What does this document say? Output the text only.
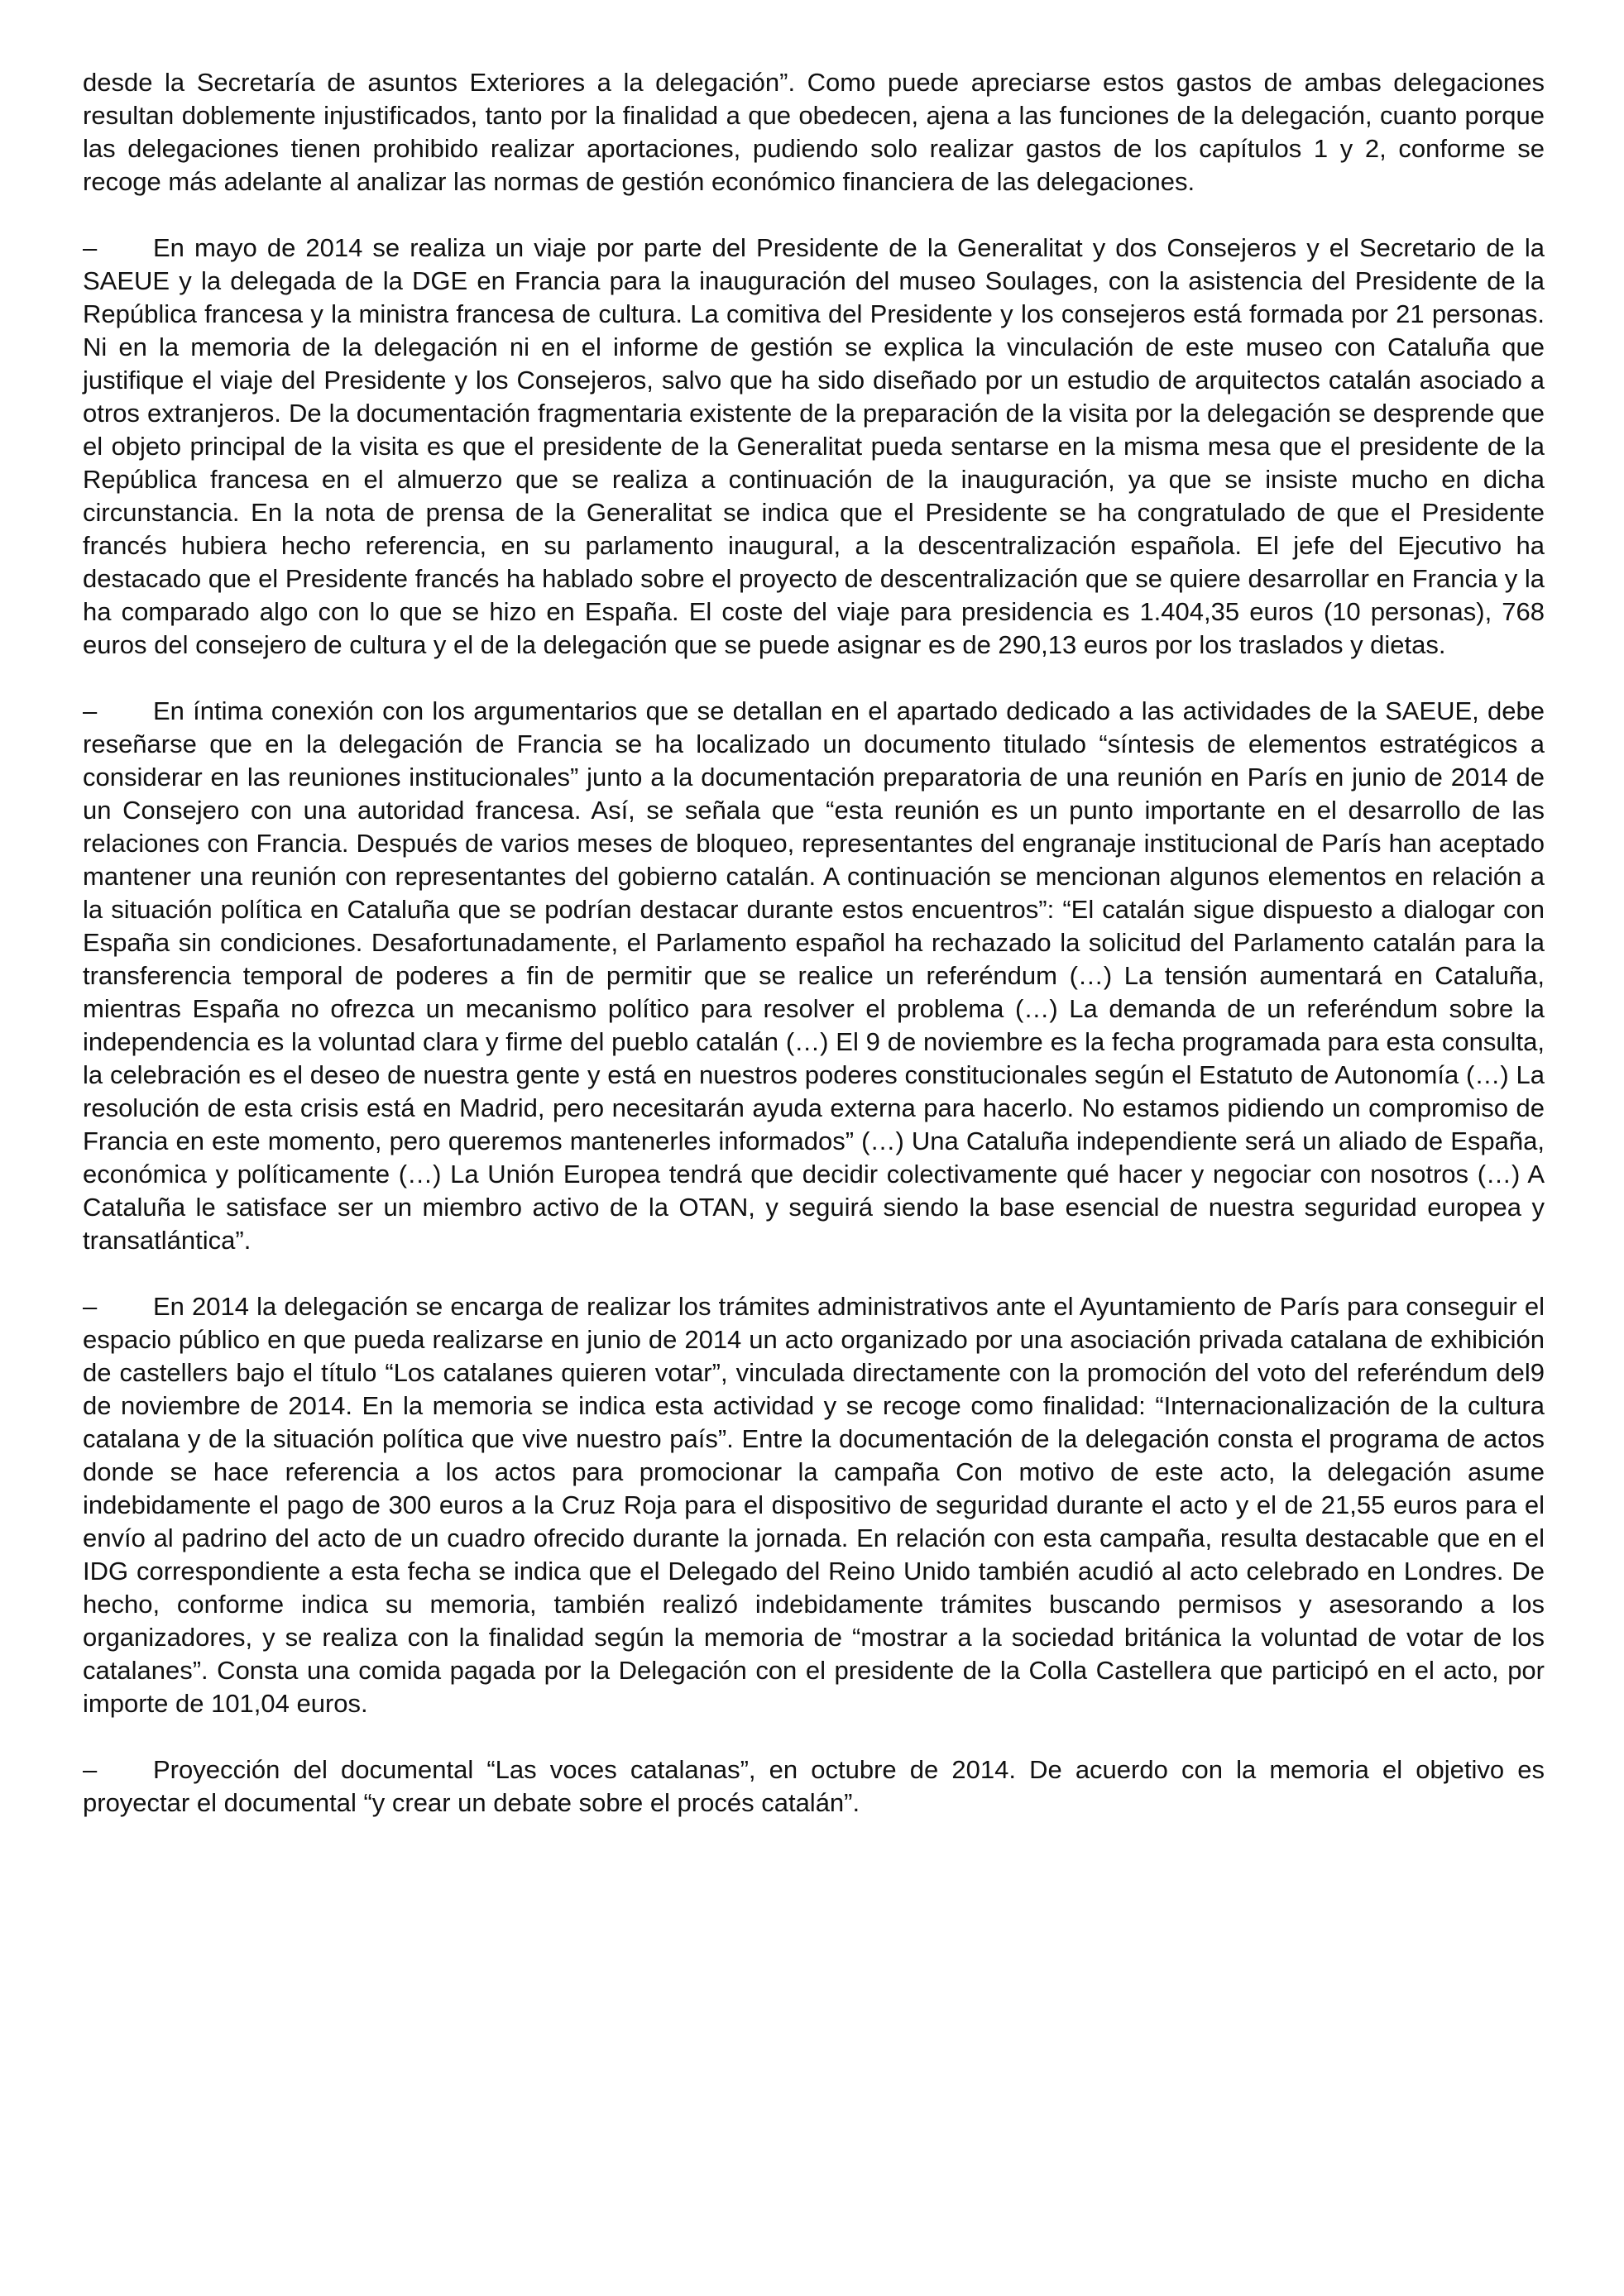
desde la Secretaría de asuntos Exteriores a la delegación”. Como puede apreciarse estos gastos de ambas delegaciones resultan doblemente injustificados, tanto por la finalidad a que obedecen, ajena a las funciones de la delegación, cuanto porque las delegaciones tienen prohibido realizar aportaciones, pudiendo solo realizar gastos de los capítulos 1 y 2, conforme se recoge más adelante al analizar las normas de gestión económico financiera de las delegaciones.

–	En mayo de 2014 se realiza un viaje por parte del Presidente de la Generalitat y dos Consejeros y el Secretario de la SAEUE y la delegada de la DGE en Francia para la inauguración del museo Soulages, con la asistencia del Presidente de la República francesa y la ministra francesa de cultura. La comitiva del Presidente y los consejeros está formada por 21 personas. Ni en la memoria de la delegación ni en el informe de gestión se explica la vinculación de este museo con Cataluña que justifique el viaje del Presidente y los Consejeros, salvo que ha sido diseñado por un estudio de arquitectos catalán asociado a otros extranjeros. De la documentación fragmentaria existente de la preparación de la visita por la delegación se desprende que el objeto principal de la visita es que el presidente de la Generalitat pueda sentarse en la misma mesa que el presidente de la República francesa en el almuerzo que se realiza a continuación de la inauguración, ya que se insiste mucho en dicha circunstancia. En la nota de prensa de la Generalitat se indica que el Presidente se ha congratulado de que el Presidente francés hubiera hecho referencia, en su parlamento inaugural, a la descentralización española. El jefe del Ejecutivo ha destacado que el Presidente francés ha hablado sobre el proyecto de descentralización que se quiere desarrollar en Francia y la ha comparado algo con lo que se hizo en España. El coste del viaje para presidencia es 1.404,35 euros (10 personas), 768 euros del consejero de cultura y el de la delegación que se puede asignar es de 290,13 euros por los traslados y dietas.

–	En íntima conexión con los argumentarios que se detallan en el apartado dedicado a las actividades de la SAEUE, debe reseñarse que en la delegación de Francia se ha localizado un documento titulado “síntesis de elementos estratégicos a considerar en las reuniones institucionales” junto a la documentación preparatoria de una reunión en París en junio de 2014 de un Consejero con una autoridad francesa. Así, se señala que “esta reunión es un punto importante en el desarrollo de las relaciones con Francia. Después de varios meses de bloqueo, representantes del engranaje institucional de París han aceptado mantener una reunión con representantes del gobierno catalán. A continuación se mencionan algunos elementos en relación a la situación política en Cataluña que se podrían destacar durante estos encuentros”: “El catalán sigue dispuesto a dialogar con España sin condiciones. Desafortunadamente, el Parlamento español ha rechazado la solicitud del Parlamento catalán para la transferencia temporal de poderes a fin de permitir que se realice un referéndum (…) La tensión aumentará en Cataluña, mientras España no ofrezca un mecanismo político para resolver el problema (…) La demanda de un referéndum sobre la independencia es la voluntad clara y firme del pueblo catalán (…) El 9 de noviembre es la fecha programada para esta consulta, la celebración es el deseo de nuestra gente y está en nuestros poderes constitucionales según el Estatuto de Autonomía (…) La resolución de esta crisis está en Madrid, pero necesitarán ayuda externa para hacerlo. No estamos pidiendo un compromiso de Francia en este momento, pero queremos mantenerles informados” (…) Una Cataluña independiente será un aliado de España, económica y políticamente (…) La Unión Europea tendrá que decidir colectivamente qué hacer y negociar con nosotros (…) A Cataluña le satisface ser un miembro activo de la OTAN, y seguirá siendo la base esencial de nuestra seguridad europea y transatlántica”.

–	En 2014 la delegación se encarga de realizar los trámites administrativos ante el Ayuntamiento de París para conseguir el espacio público en que pueda realizarse en junio de 2014 un acto organizado por una asociación privada catalana de exhibición de castellers bajo el título “Los catalanes quieren votar”, vinculada directamente con la promoción del voto del referéndum del9 de noviembre de 2014. En la memoria se indica esta actividad y se recoge como finalidad: “Internacionalización de la cultura catalana y de la situación política que vive nuestro país”. Entre la documentación de la delegación consta el programa de actos donde se hace referencia a los actos para promocionar la campaña Con motivo de este acto, la delegación asume indebidamente el pago de 300 euros a la Cruz Roja para el dispositivo de seguridad durante el acto y el de 21,55 euros para el envío al padrino del acto de un cuadro ofrecido durante la jornada. En relación con esta campaña, resulta destacable que en el IDG correspondiente a esta fecha se indica que el Delegado del Reino Unido también acudió al acto celebrado en Londres. De hecho, conforme indica su memoria, también realizó indebidamente trámites buscando permisos y asesorando a los organizadores, y se realiza con la finalidad según la memoria de “mostrar a la sociedad británica la voluntad de votar de los catalanes”. Consta una comida pagada por la Delegación con el presidente de la Colla Castellera que participó en el acto, por importe de 101,04 euros.

–	Proyección del documental “Las voces catalanas”, en octubre de 2014. De acuerdo con la memoria el objetivo es proyectar el documental “y crear un debate sobre el procés catalán”.
